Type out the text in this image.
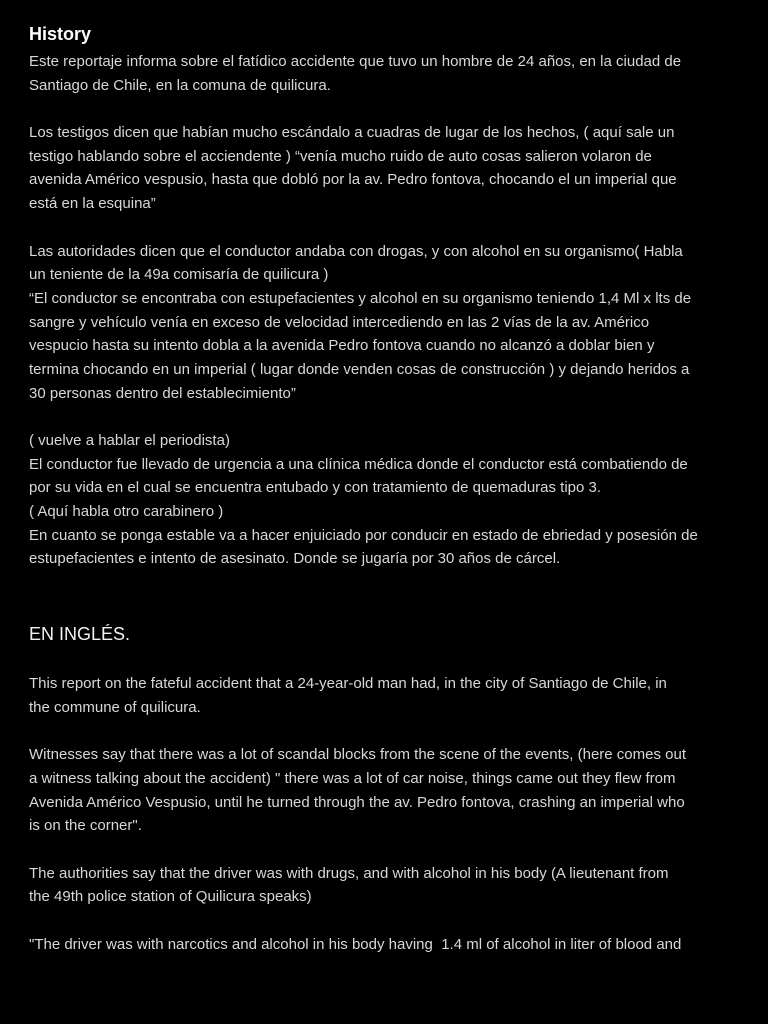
History
Este reportaje informa sobre el fatídico accidente que tuvo un hombre de 24 años, en la ciudad de
Santiago de Chile, en la comuna de quilicura.
Los testigos dicen que habían mucho escándalo a cuadras de lugar de los hechos, ( aquí sale un
testigo hablando sobre el acciendente ) “venía mucho ruido de auto cosas salieron volaron de
avenida Américo vespusio, hasta que dobló por la av. Pedro fontova, chocando el un imperial que
está en la esquina”
Las autoridades dicen que el conductor andaba con drogas, y con alcohol en su organismo( Habla
un teniente de la 49a comisaría de quilicura )
“El conductor se encontraba con estupefacientes y alcohol en su organismo teniendo 1,4 Ml x lts de
sangre y vehículo venía en exceso de velocidad intercediendo en las 2 vías de la av. Américo
vespucio hasta su intento dobla a la avenida Pedro fontova cuando no alcanzó a doblar bien y
termina chocando en un imperial ( lugar donde venden cosas de construcción ) y dejando heridos a
30 personas dentro del establecimiento”
( vuelve a hablar el periodista)
El conductor fue llevado de urgencia a una clínica médica donde el conductor está combatiendo de
por su vida en el cual se encuentra entubado y con tratamiento de quemaduras tipo 3.
( Aquí habla otro carabinero )
En cuanto se ponga estable va a hacer enjuiciado por conducir en estado de ebriedad y posesión de
estupefacientes e intento de asesinato. Donde se jugaría por 30 años de cárcel.
EN INGLÉS.
This report on the fateful accident that a 24-year-old man had, in the city of Santiago de Chile, in
the commune of quilicura.
Witnesses say that there was a lot of scandal blocks from the scene of the events, (here comes out
a witness talking about the accident) " there was a lot of car noise, things came out they flew from
Avenida Américo Vespusio, until he turned through the av. Pedro fontova, crashing an imperial who
is on the corner".
The authorities say that the driver was with drugs, and with alcohol in his body (A lieutenant from
the 49th police station of Quilicura speaks)
"The driver was with narcotics and alcohol in his body having  1.4 ml of alcohol in liter of blood and
